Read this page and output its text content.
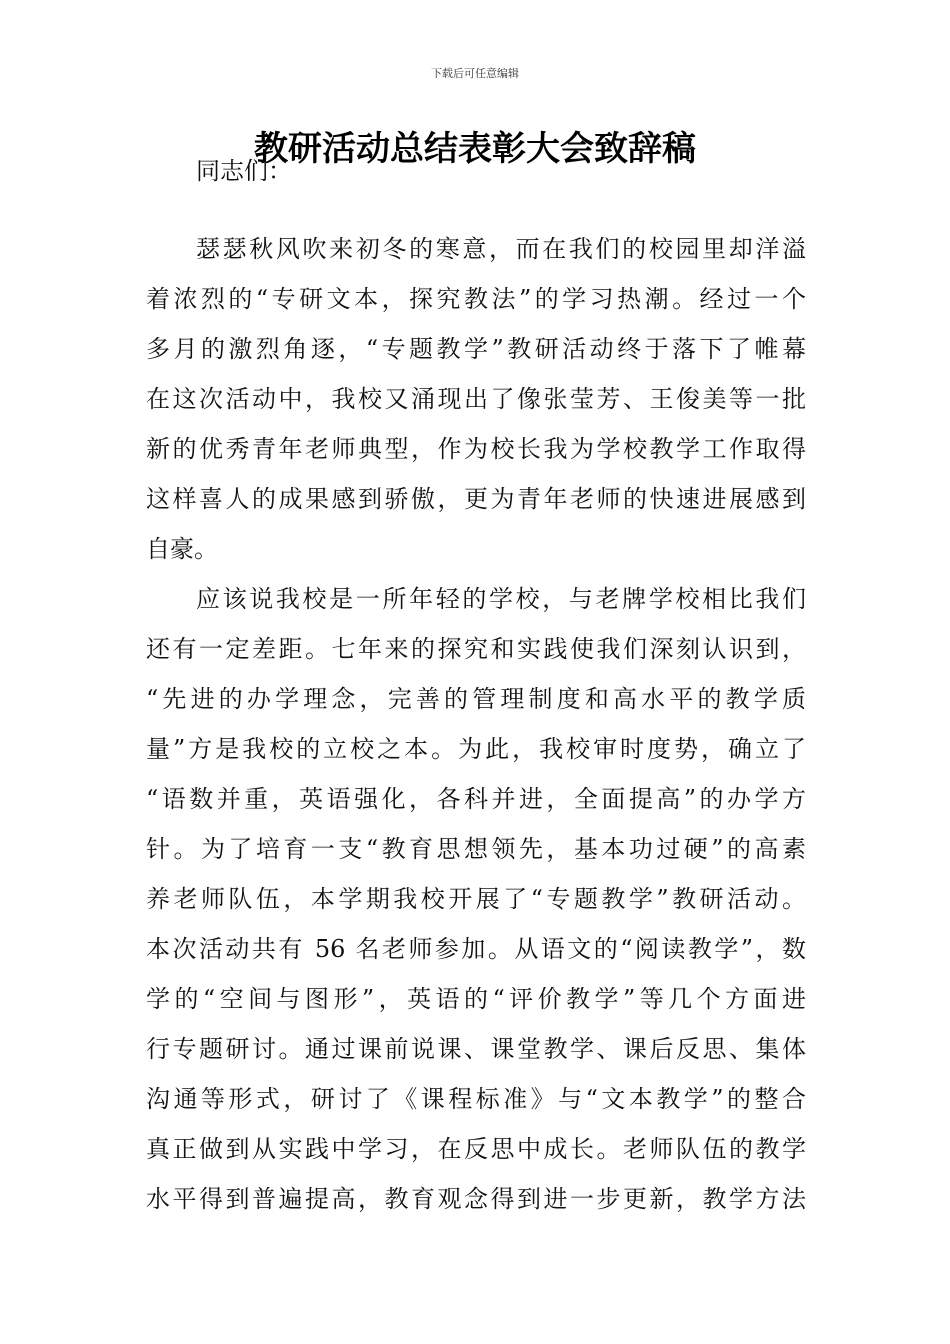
下载后可任意编辑
教研活动总结表彰大会致辞稿
同志们：
瑟瑟秋风吹来初冬的寒意，而在我们的校园里却洋溢
着浓烈的“专研文本，探究教法”的学习热潮。经过一个
多月的激烈角逐，“专题教学”教研活动终于落下了帷幕
在这次活动中，我校又涌现出了像张莹芳、王俊美等一批
新的优秀青年老师典型，作为校长我为学校教学工作取得
这样喜人的成果感到骄傲，更为青年老师的快速进展感到
自豪。
应该说我校是一所年轻的学校，与老牌学校相比我们
还有一定差距。七年来的探究和实践使我们深刻认识到，
“先进的办学理念，完善的管理制度和高水平的教学质
量”方是我校的立校之本。为此，我校审时度势，确立了
“语数并重，英语强化，各科并进，全面提高”的办学方
针。为了培育一支“教育思想领先，基本功过硬”的高素
养老师队伍，本学期我校开展了“专题教学”教研活动。
本次活动共有 56 名老师参加。从语文的“阅读教学”，数
学的“空间与图形”，英语的“评价教学”等几个方面进
行专题研讨。通过课前说课、课堂教学、课后反思、集体
沟通等形式，研讨了《课程标准》与“文本教学”的整合
真正做到从实践中学习，在反思中成长。老师队伍的教学
水平得到普遍提高，教育观念得到进一步更新，教学方法
